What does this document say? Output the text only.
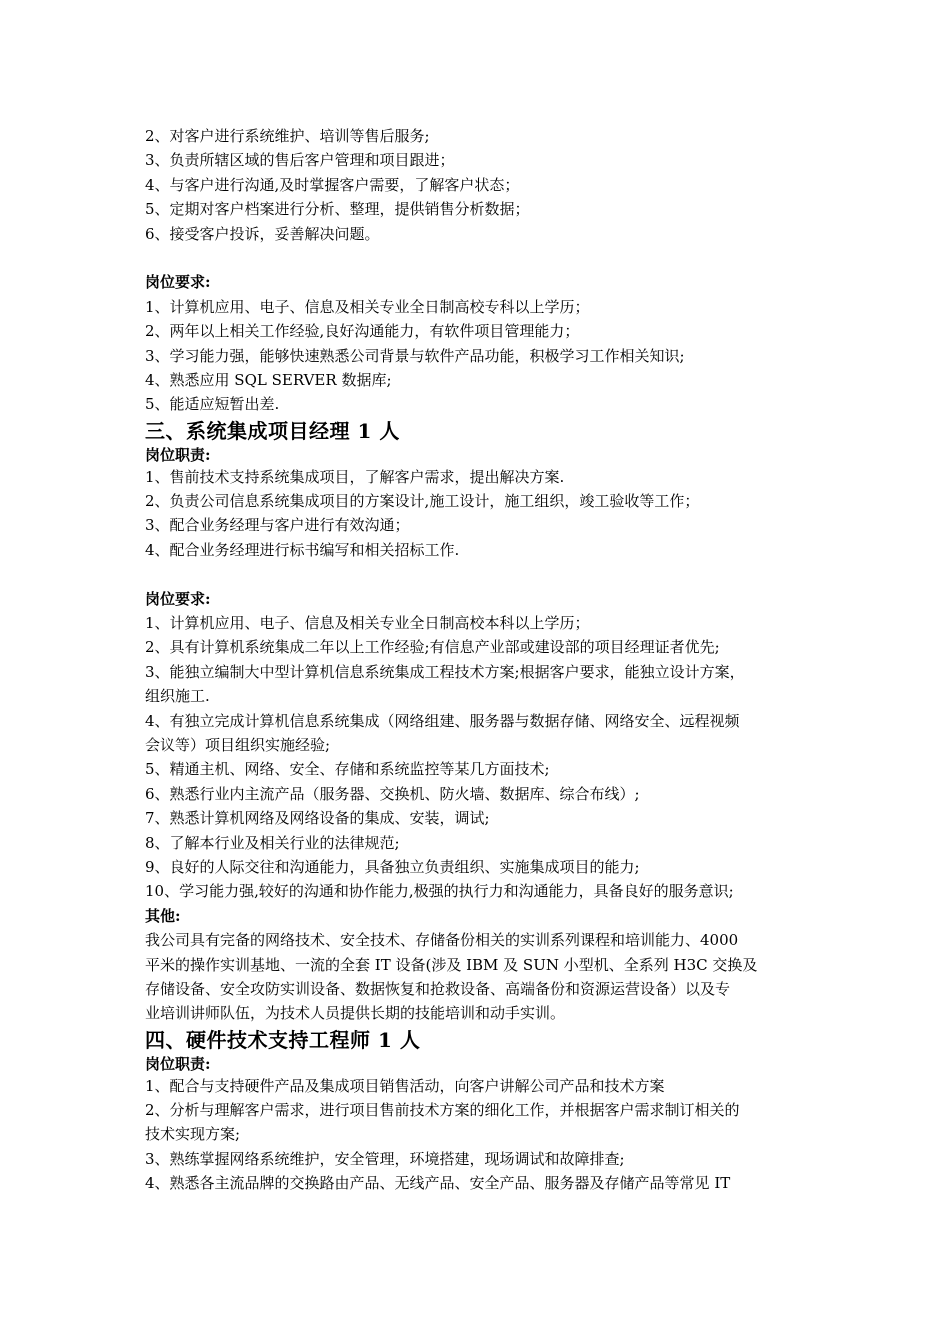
2、对客户进行系统维护、培训等售后服务;
3、负责所辖区域的售后客户管理和项目跟进；
4、与客户进行沟通,及时掌握客户需要，了解客户状态；
5、定期对客户档案进行分析、整理，提供销售分析数据；
6、接受客户投诉，妥善解决问题。
岗位要求:
1、计算机应用、电子、信息及相关专业全日制高校专科以上学历；
2、两年以上相关工作经验,良好沟通能力，有软件项目管理能力；
3、学习能力强，能够快速熟悉公司背景与软件产品功能，积极学习工作相关知识;
4、熟悉应用 SQL SERVER 数据库;
5、能适应短暂出差.
三、系统集成项目经理 1 人
岗位职责:
1、售前技术支持系统集成项目，了解客户需求，提出解决方案.
2、负责公司信息系统集成项目的方案设计,施工设计，施工组织，竣工验收等工作；
3、配合业务经理与客户进行有效沟通；
4、配合业务经理进行标书编写和相关招标工作.
岗位要求:
1、计算机应用、电子、信息及相关专业全日制高校本科以上学历；
2、具有计算机系统集成二年以上工作经验;有信息产业部或建设部的项目经理证者优先;
3、能独立编制大中型计算机信息系统集成工程技术方案;根据客户要求，能独立设计方案，
组织施工.
4、有独立完成计算机信息系统集成（网络组建、服务器与数据存储、网络安全、远程视频
会议等）项目组织实施经验;
5、精通主机、网络、安全、存储和系统监控等某几方面技术;
6、熟悉行业内主流产品（服务器、交换机、防火墙、数据库、综合布线）;
7、熟悉计算机网络及网络设备的集成、安装，调试;
8、了解本行业及相关行业的法律规范;
9、良好的人际交往和沟通能力，具备独立负责组织、实施集成项目的能力;
10、学习能力强,较好的沟通和协作能力,极强的执行力和沟通能力，具备良好的服务意识;
其他:
我公司具有完备的网络技术、安全技术、存储备份相关的实训系列课程和培训能力、4000
平米的操作实训基地、一流的全套 IT 设备(涉及 IBM 及 SUN 小型机、全系列 H3C 交换及
存储设备、安全攻防实训设备、数据恢复和抢救设备、高端备份和资源运营设备）以及专
业培训讲师队伍，为技术人员提供长期的技能培训和动手实训。
四、硬件技术支持工程师 1 人
岗位职责:
1、配合与支持硬件产品及集成项目销售活动，向客户讲解公司产品和技术方案
2、分析与理解客户需求，进行项目售前技术方案的细化工作，并根据客户需求制订相关的
技术实现方案;
3、熟练掌握网络系统维护，安全管理，环境搭建，现场调试和故障排查;
4、熟悉各主流品牌的交换路由产品、无线产品、安全产品、服务器及存储产品等常见 IT
